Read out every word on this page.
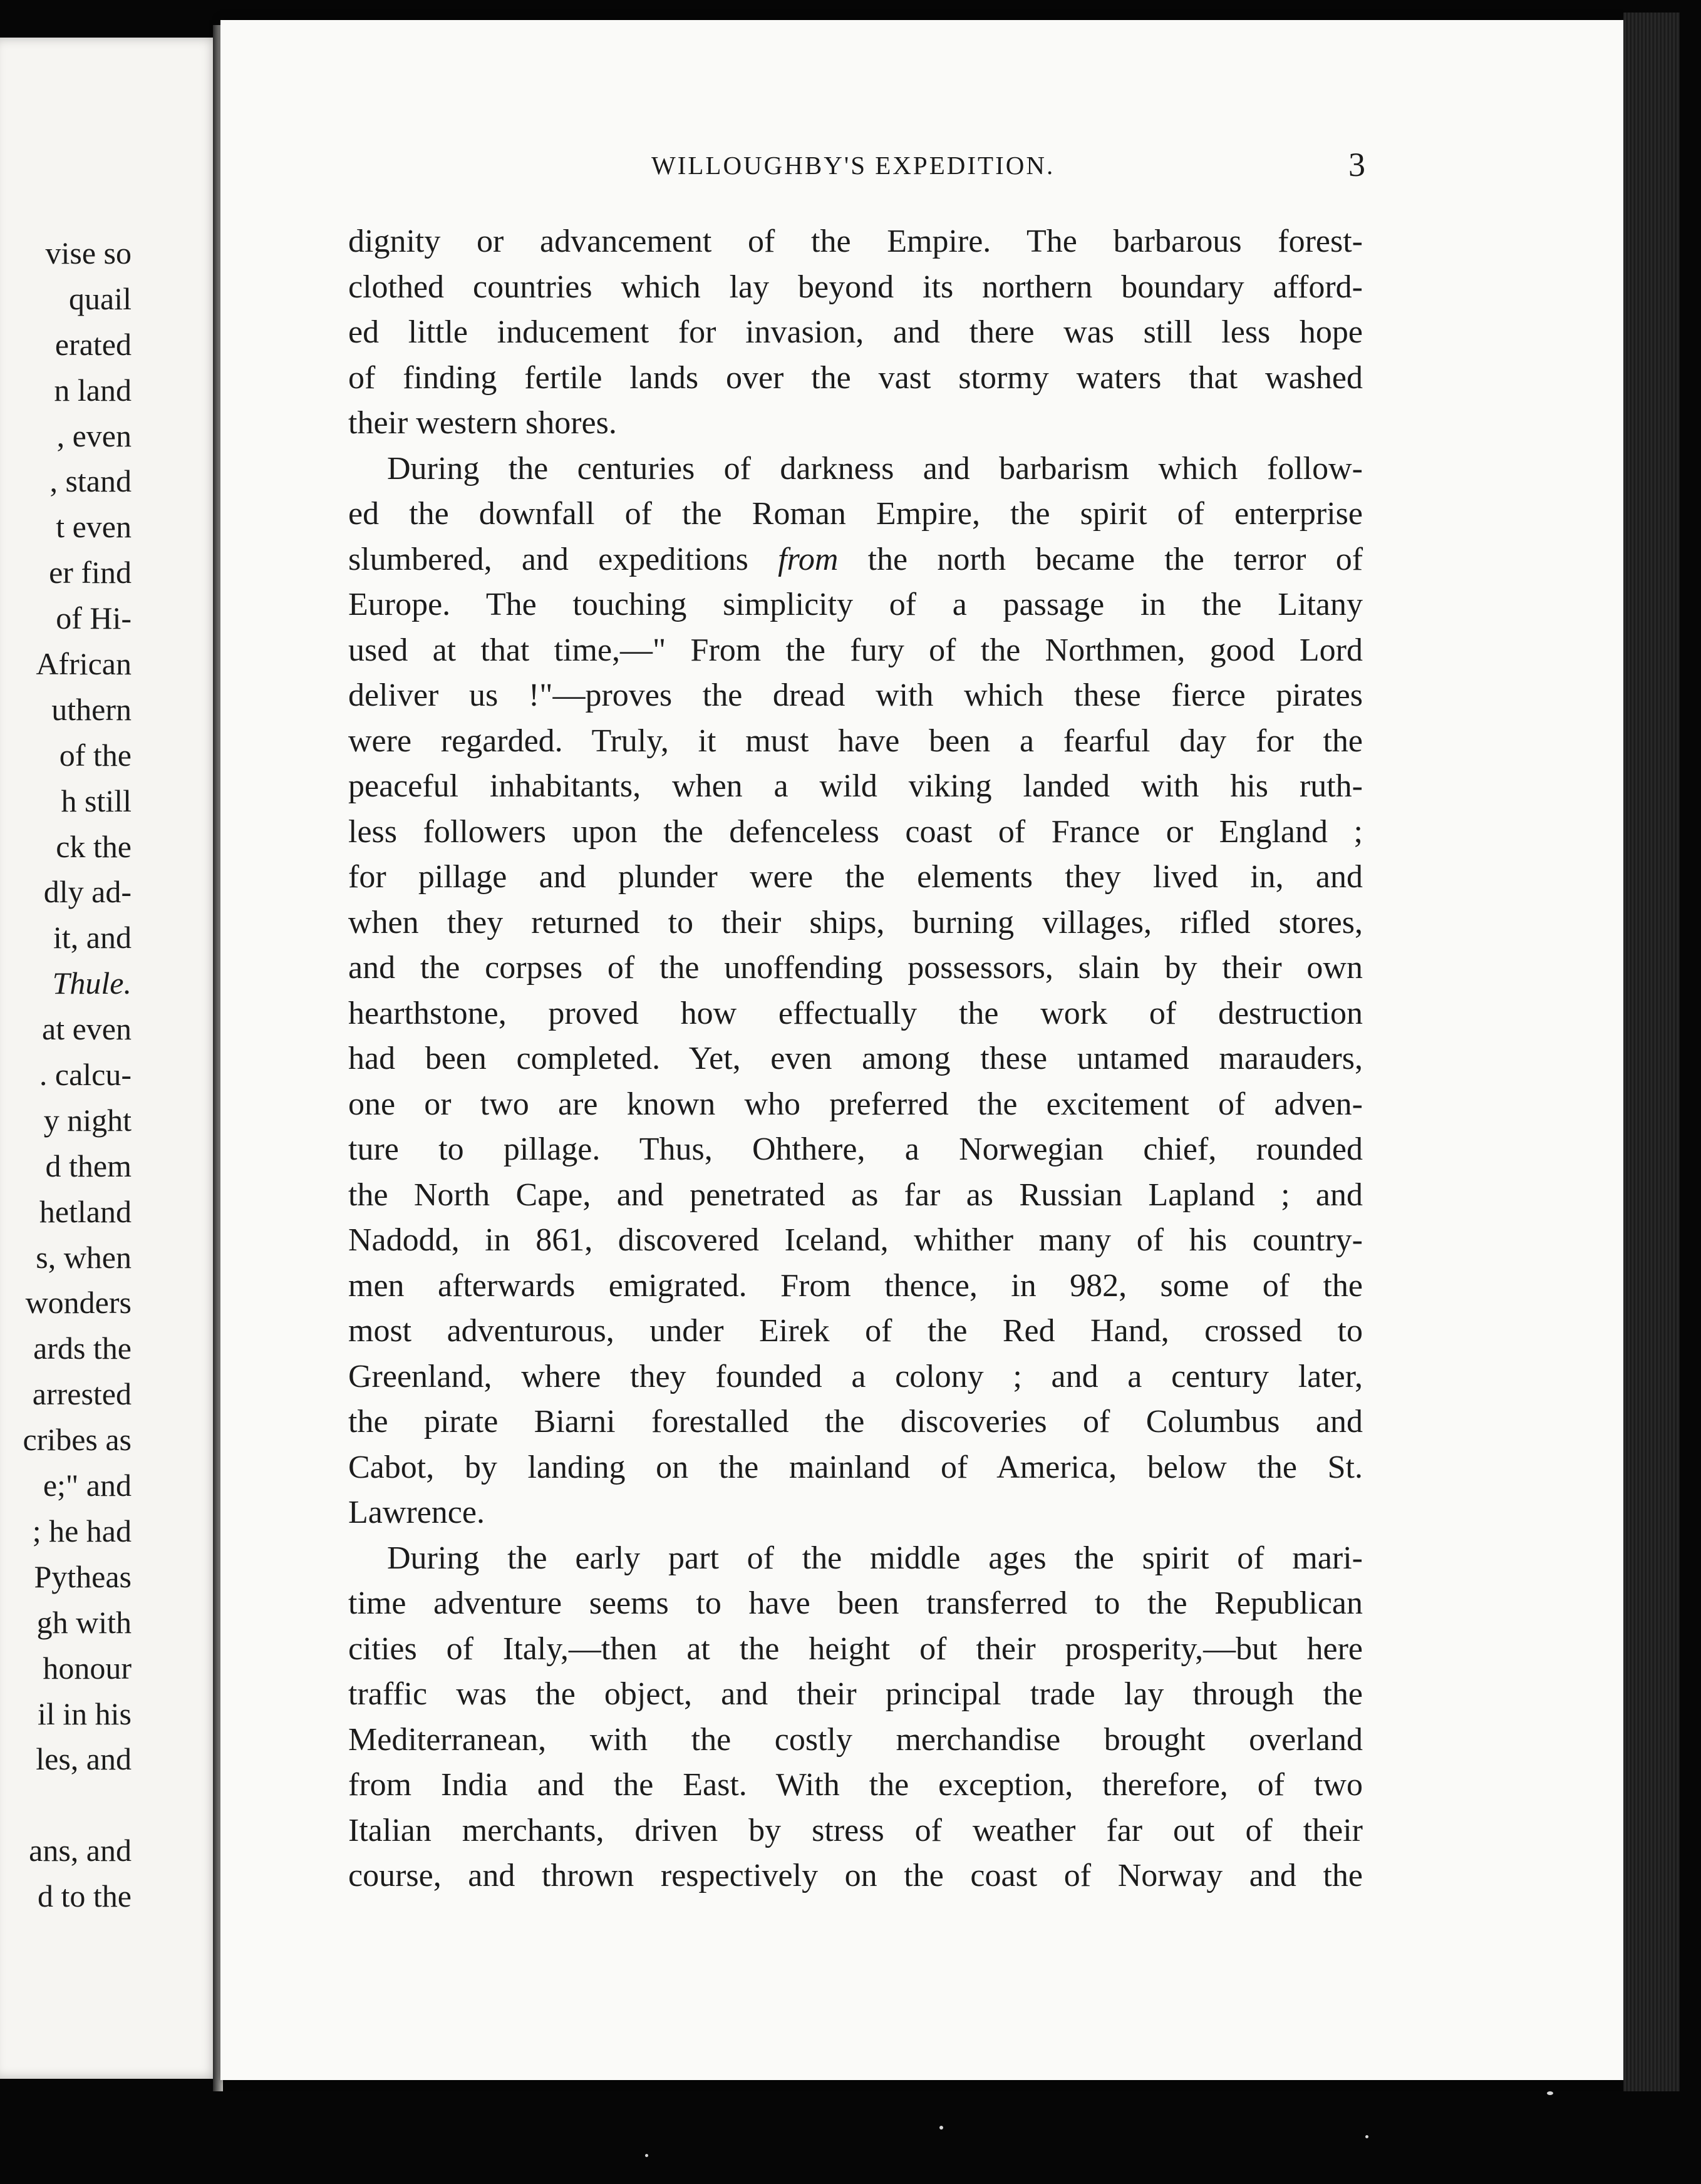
vise so
quail
erated
n land
, even
, stand
t even
er find
of Hi-
African
uthern
of the
h still
ck the
dly ad-
it, and
Thule.
at even
. calcu-
y night
d them
hetland
s, when
wonders
ards the
arrested
cribes as
e;" and
; he had
Pytheas
gh with
honour
il in his
les, and
ans, and
d to the
WILLOUGHBY'S EXPEDITION.	3
dignity or advancement of the Empire. The barbarous forest-
clothed countries which lay beyond its northern boundary afford-
ed little inducement for invasion, and there was still less hope
of finding fertile lands over the vast stormy waters that washed
their western shores.
During the centuries of darkness and barbarism which follow-
ed the downfall of the Roman Empire, the spirit of enterprise
slumbered, and expeditions from the north became the terror of
Europe. The touching simplicity of a passage in the Litany
used at that time,—" From the fury of the Northmen, good Lord
deliver us !"—proves the dread with which these fierce pirates
were regarded. Truly, it must have been a fearful day for the
peaceful inhabitants, when a wild viking landed with his ruth-
less followers upon the defenceless coast of France or England ;
for pillage and plunder were the elements they lived in, and
when they returned to their ships, burning villages, rifled stores,
and the corpses of the unoffending possessors, slain by their own
hearthstone, proved how effectually the work of destruction
had been completed. Yet, even among these untamed marauders,
one or two are known who preferred the excitement of adven-
ture to pillage. Thus, Ohthere, a Norwegian chief, rounded
the North Cape, and penetrated as far as Russian Lapland ; and
Nadodd, in 861, discovered Iceland, whither many of his country-
men afterwards emigrated. From thence, in 982, some of the
most adventurous, under Eirek of the Red Hand, crossed to
Greenland, where they founded a colony ; and a century later,
the pirate Biarni forestalled the discoveries of Columbus and
Cabot, by landing on the mainland of America, below the St.
Lawrence.
During the early part of the middle ages the spirit of mari-
time adventure seems to have been transferred to the Republican
cities of Italy,—then at the height of their prosperity,—but here
traffic was the object, and their principal trade lay through the
Mediterranean, with the costly merchandise brought overland
from India and the East. With the exception, therefore, of two
Italian merchants, driven by stress of weather far out of their
course, and thrown respectively on the coast of Norway and the
